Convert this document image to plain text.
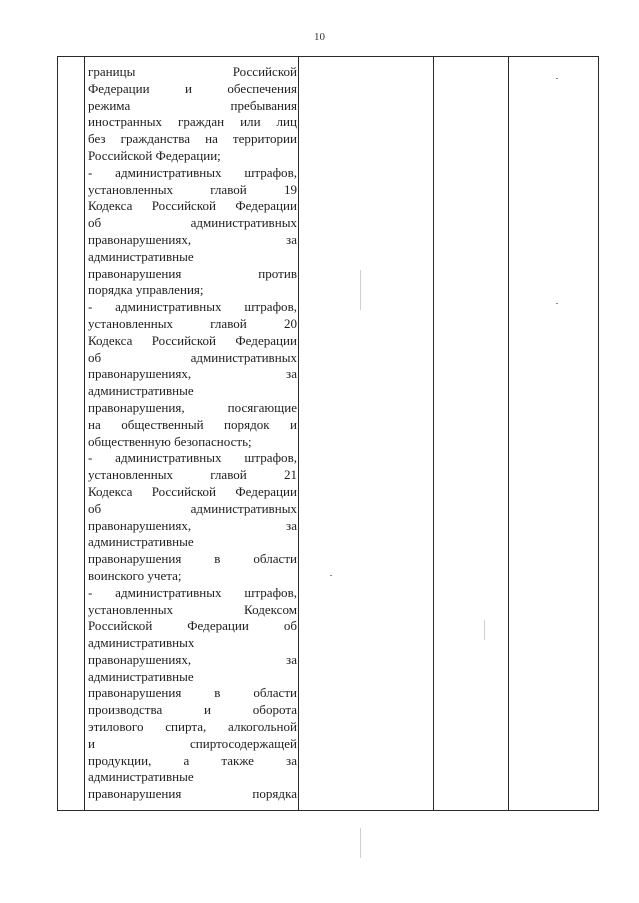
10
границы Российской
Федерации и обеспечения
режима пребывания
иностранных граждан или лиц
без гражданства на территории
Российской Федерации;
- административных штрафов,
установленных главой 19
Кодекса Российской Федерации
об административных
правонарушениях, за
административные
правонарушения против
порядка управления;
- административных штрафов,
установленных главой 20
Кодекса Российской Федерации
об административных
правонарушениях, за
административные
правонарушения, посягающие
на общественный порядок и
общественную безопасность;
- административных штрафов,
установленных главой 21
Кодекса Российской Федерации
об административных
правонарушениях, за
административные
правонарушения в области
воинского учета;
- административных штрафов,
установленных Кодексом
Российской Федерации об
административных
правонарушениях, за
административные
правонарушения в области
производства и оборота
этилового спирта, алкогольной
и спиртосодержащей
продукции, а также за
административные
правонарушения порядка
